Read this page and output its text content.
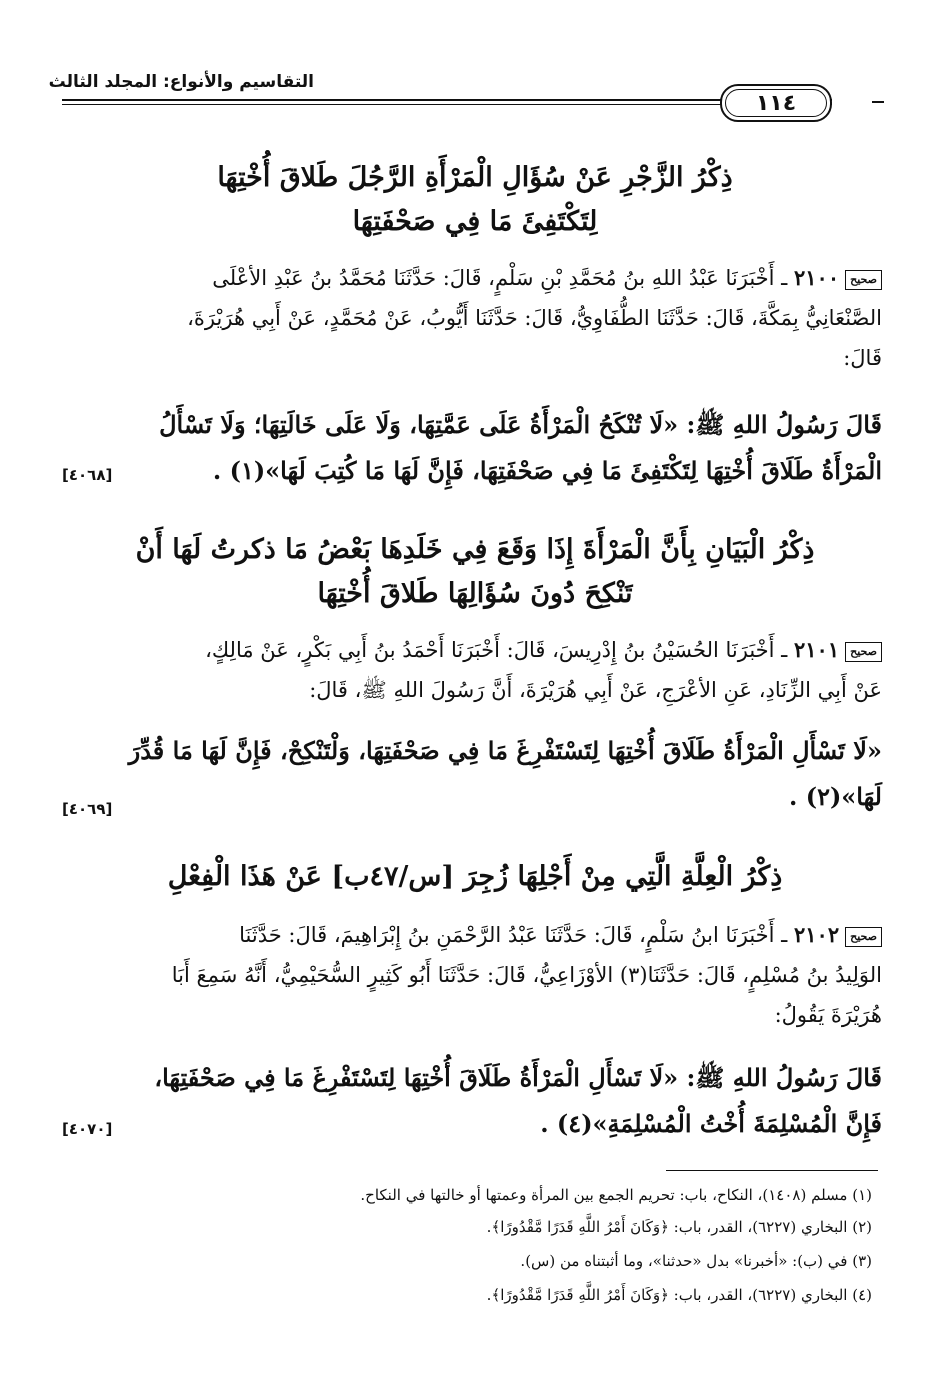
التقاسيم والأنواع: المجلد الثالث
١١٤
ذِكْرُ الزَّجْرِ عَنْ سُؤَالِ الْمَرْأَةِ الرَّجُلَ طَلاقَ أُخْتِهَا
لِتَكْتَفِئَ مَا فِي صَحْفَتِهَا
صحيح٢١٠٠ ـ أَخْبَرَنَا عَبْدُ اللهِ بنُ مُحَمَّدِ بْنِ سَلْمٍ، قَالَ: حَدَّثَنَا مُحَمَّدُ بنُ عَبْدِ الأعْلَى
الصَّنْعَانِيُّ بِمَكَّةَ، قَالَ: حَدَّثَنَا الطُّفَاوِيُّ، قَالَ: حَدَّثَنَا أَيُّوبُ، عَنْ مُحَمَّدٍ، عَنْ أَبِي هُرَيْرَةَ،
قَالَ:
قَالَ رَسُولُ اللهِ ﷺ: «لَا تُنْكَحُ الْمَرْأَةُ عَلَى عَمَّتِهَا، وَلَا عَلَى خَالَتِهَا؛ وَلَا تَسْأَلُ
الْمَرْأَةُ طَلَاقَ أُخْتِهَا لِتَكْتَفِئَ مَا فِي صَحْفَتِهَا، فَإِنَّ لَهَا مَا كُتِبَ لَهَا»(١) .
[٤٠٦٨]
ذِكْرُ الْبَيَانِ بِأَنَّ الْمَرْأَةَ إِذَا وَقَعَ فِي خَلَدِهَا بَعْضُ مَا ذكرتُ لَهَا أَنْ
تَنْكِحَ دُونَ سُؤَالِهَا طَلاقَ أُخْتِهَا
صحيح٢١٠١ ـ أَخْبَرَنَا الحُسَيْنُ بنُ إِدْرِيسَ، قَالَ: أَخْبَرَنَا أَحْمَدُ بنُ أَبِي بَكْرٍ، عَنْ مَالِكٍ،
عَنْ أَبِي الزِّنَادِ، عَنِ الأعْرَجِ، عَنْ أَبِي هُرَيْرَةَ، أَنَّ رَسُولَ اللهِ ﷺ، قَالَ:
«لَا تَسْأَلِ الْمَرْأَةُ طَلَاقَ أُخْتِهَا لِتَسْتَفْرِغَ مَا فِي صَحْفَتِهَا، وَلْتَنْكِحْ، فَإِنَّ لَهَا مَا قُدِّرَ
لَهَا»(٢) .
[٤٠٦٩]
ذِكْرُ الْعِلَّةِ الَّتِي مِنْ أَجْلِهَا زُجِرَ [س/٤٧ب] عَنْ هَذَا الْفِعْلِ
صحيح٢١٠٢ ـ أَخْبَرَنَا ابنُ سَلْمٍ، قَالَ: حَدَّثَنَا عَبْدُ الرَّحْمَنِ بنُ إِبْرَاهِيمَ، قَالَ: حَدَّثَنَا
الوَلِيدُ بنُ مُسْلِمٍ، قَالَ: حَدَّثَنَا(٣) الأوْزَاعِيُّ، قَالَ: حَدَّثَنَا أَبُو كَثِيرٍ السُّحَيْمِيُّ، أَنَّهُ سَمِعَ أَبَا
هُرَيْرَةَ يَقُولُ:
قَالَ رَسُولُ اللهِ ﷺ: «لَا تَسْأَلِ الْمَرْأَةُ طَلَاقَ أُخْتِهَا لِتَسْتَفْرِغَ مَا فِي صَحْفَتِهَا،
فَإِنَّ الْمُسْلِمَةَ أُخْتُ الْمُسْلِمَةِ»(٤) .
[٤٠٧٠]
(١) مسلم (١٤٠٨)، النكاح، باب: تحريم الجمع بين المرأة وعمتها أو خالتها في النكاح.
(٢) البخاري (٦٢٢٧)، القدر، باب: ﴿وَكَانَ أَمْرُ اللَّهِ قَدَرًا مَّقْدُورًا﴾.
(٣) في (ب): «أخبرنا» بدل «حدثنا»، وما أثبتناه من (س).
(٤) البخاري (٦٢٢٧)، القدر، باب: ﴿وَكَانَ أَمْرُ اللَّهِ قَدَرًا مَّقْدُورًا﴾.
